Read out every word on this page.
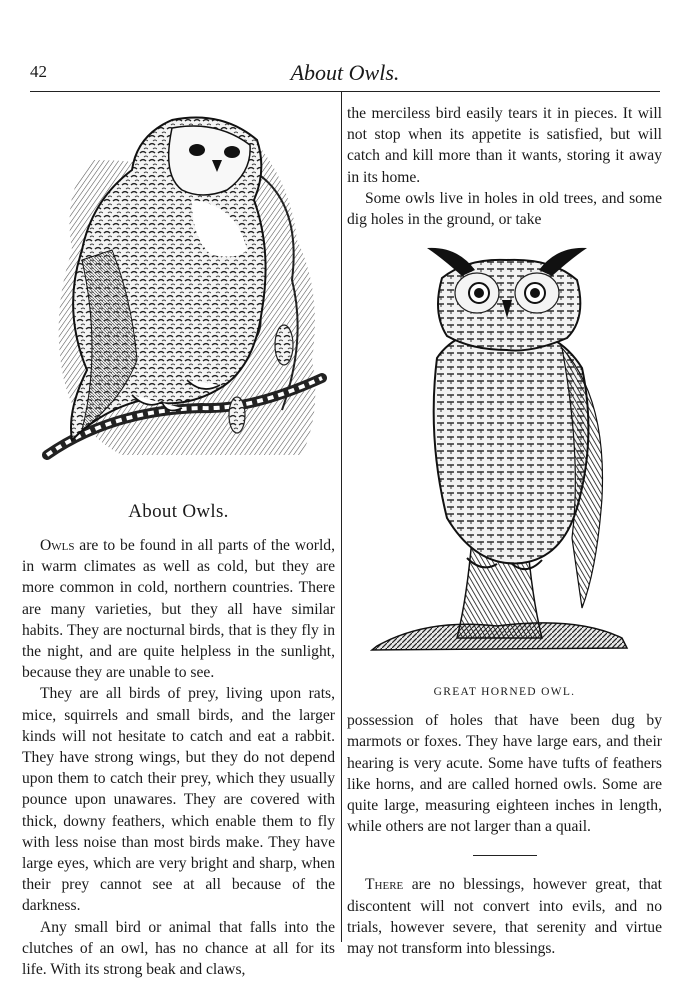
42	About Owls.
About Owls.

Owls are to be found in all parts of the world, in warm climates as well as cold, but they are more common in cold, northern countries. There are many varieties, but they all have similar habits. They are nocturnal birds, that is they fly in the night, and are quite helpless in the sunlight, because they are unable to see.

They are all birds of prey, living upon rats, mice, squirrels and small birds, and the larger kinds will not hesitate to catch and eat a rabbit. They have strong wings, but they do not depend upon them to catch their prey, which they usually pounce upon unawares. They are covered with thick, downy feathers, which enable them to fly with less noise than most birds make. They have large eyes, which are very bright and sharp, when their prey cannot see at all because of the darkness.

Any small bird or animal that falls into the clutches of an owl, has no chance at all for its life. With its strong beak and claws,

the merciless bird easily tears it in pieces. It will not stop when its appetite is satisfied, but will catch and kill more than it wants, storing it away in its home.

Some owls live in holes in old trees, and some dig holes in the ground, or take

GREAT HORNED OWL.

possession of holes that have been dug by marmots or foxes. They have large ears, and their hearing is very acute. Some have tufts of feathers like horns, and are called horned owls. Some are quite large, measuring eighteen inches in length, while others are not larger than a quail.

There are no blessings, however great, that discontent will not convert into evils, and no trials, however severe, that serenity and virtue may not transform into blessings.
